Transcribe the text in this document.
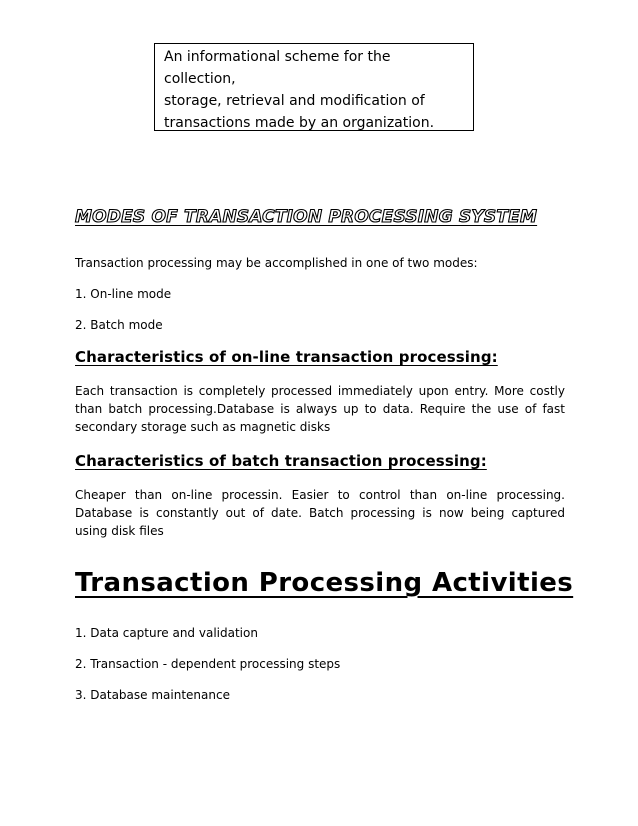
An informational scheme for the collection,
storage, retrieval and modification of
transactions made by an organization.
MODES OF TRANSACTION PROCESSING SYSTEM
Transaction processing may be accomplished in one of two modes:
1. On-line mode
2. Batch mode
Characteristics of on-line transaction processing:
Each transaction is completely processed immediately upon entry. More costly than batch processing.Database is always up to data. Require the use of fast secondary storage such as magnetic disks
Characteristics of batch transaction processing:
Cheaper than on-line processin. Easier to control than on-line processing. Database is constantly out of date. Batch processing is now being captured using disk files
Transaction Processing Activities
1. Data capture and validation
2. Transaction - dependent processing steps
3. Database maintenance
